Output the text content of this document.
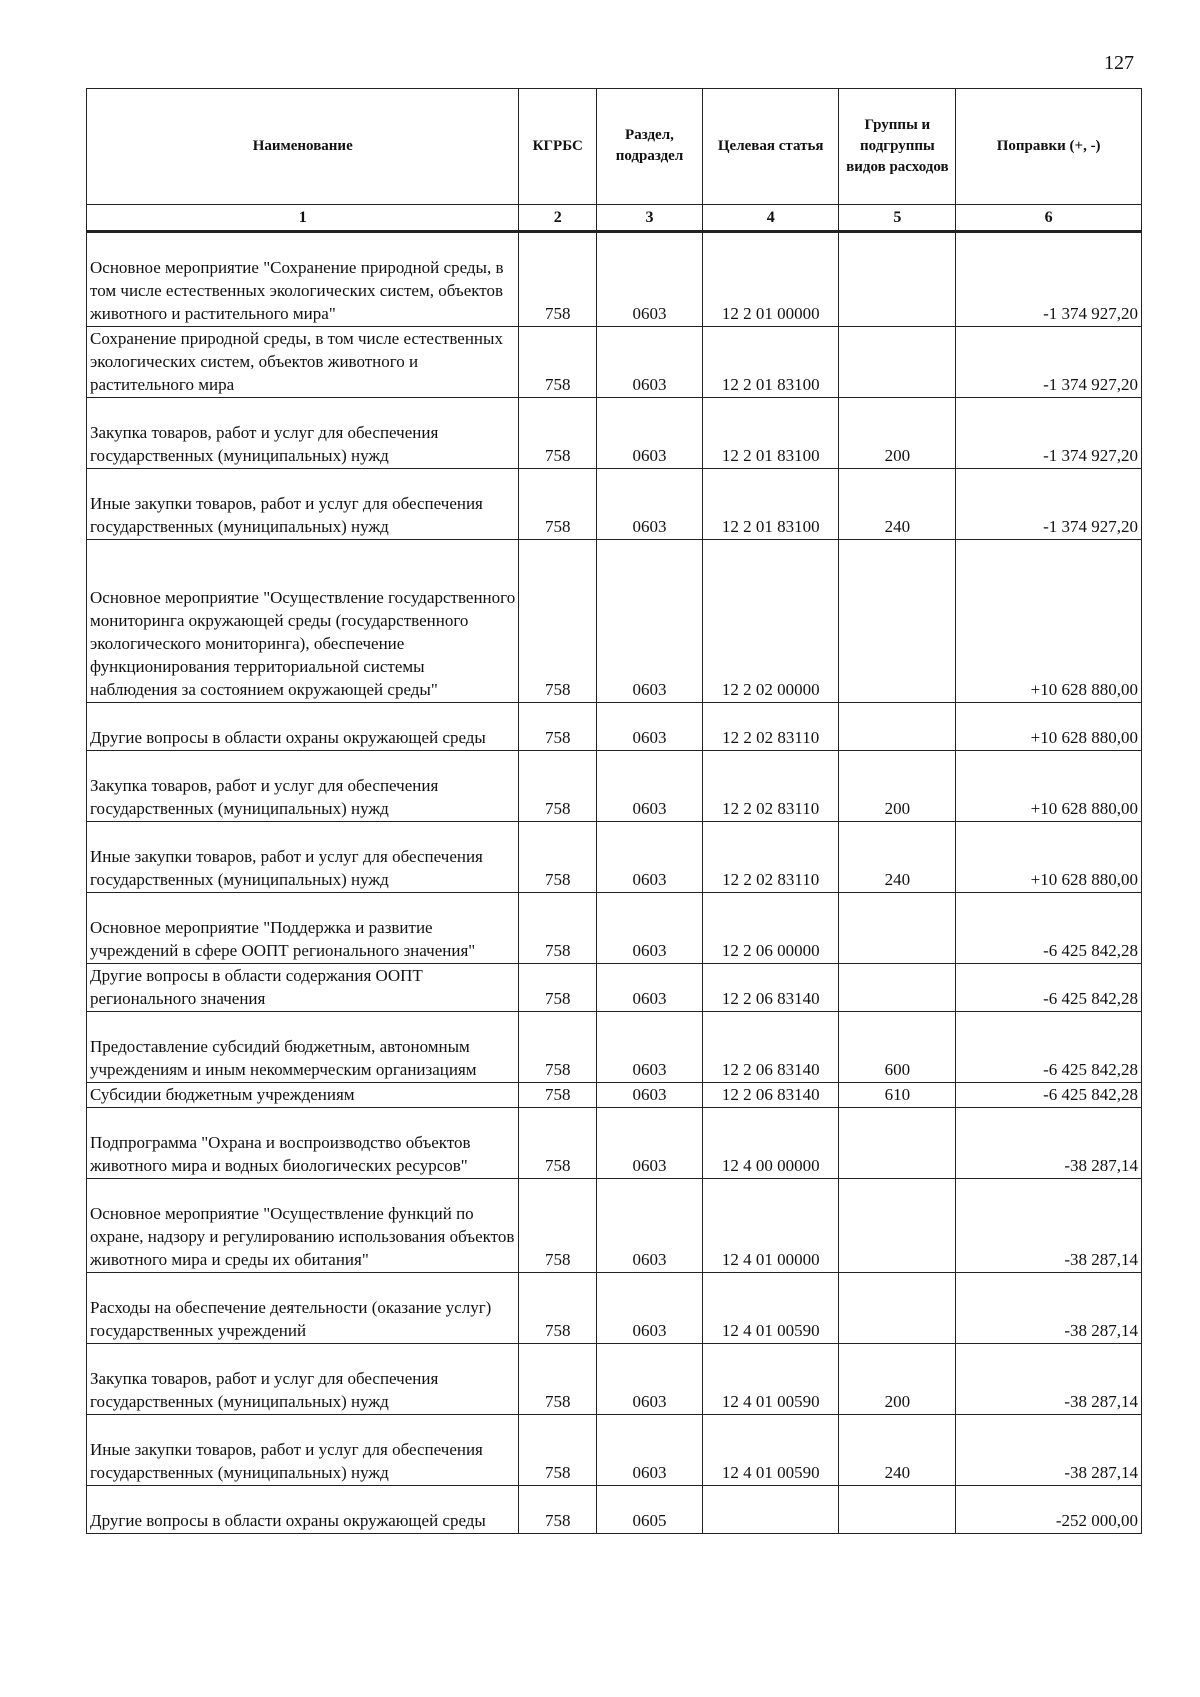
127
Наименование	КГРБС	Раздел, подраздел	Целевая статья	Группы и подгруппы видов расходов	Поправки (+, -)
1	2	3	4	5	6
Основное мероприятие "Сохранение природной среды, в том числе естественных экологических систем, объектов животного и растительного мира"	758	0603	12 2 01 00000		-1 374 927,20
Сохранение природной среды, в том числе естественных экологических систем, объектов животного и растительного мира	758	0603	12 2 01 83100		-1 374 927,20
Закупка товаров, работ и услуг для обеспечения государственных (муниципальных) нужд	758	0603	12 2 01 83100	200	-1 374 927,20
Иные закупки товаров, работ и услуг для обеспечения государственных (муниципальных) нужд	758	0603	12 2 01 83100	240	-1 374 927,20
Основное мероприятие "Осуществление государственного мониторинга окружающей среды (государственного экологического мониторинга), обеспечение функционирования территориальной системы наблюдения за состоянием окружающей среды"	758	0603	12 2 02 00000		+10 628 880,00
Другие вопросы в области охраны окружающей среды	758	0603	12 2 02 83110		+10 628 880,00
Закупка товаров, работ и услуг для обеспечения государственных (муниципальных) нужд	758	0603	12 2 02 83110	200	+10 628 880,00
Иные закупки товаров, работ и услуг для обеспечения государственных (муниципальных) нужд	758	0603	12 2 02 83110	240	+10 628 880,00
Основное мероприятие "Поддержка и развитие учреждений в сфере ООПТ регионального значения"	758	0603	12 2 06 00000		-6 425 842,28
Другие вопросы в области содержания ООПТ регионального значения	758	0603	12 2 06 83140		-6 425 842,28
Предоставление субсидий бюджетным, автономным учреждениям и иным некоммерческим организациям	758	0603	12 2 06 83140	600	-6 425 842,28
Субсидии бюджетным учреждениям	758	0603	12 2 06 83140	610	-6 425 842,28
Подпрограмма "Охрана и воспроизводство объектов животного мира и водных биологических ресурсов"	758	0603	12 4 00 00000		-38 287,14
Основное мероприятие "Осуществление функций по охране, надзору и регулированию использования объектов животного мира и среды их обитания"	758	0603	12 4 01 00000		-38 287,14
Расходы на обеспечение деятельности (оказание услуг) государственных учреждений	758	0603	12 4 01 00590		-38 287,14
Закупка товаров, работ и услуг для обеспечения государственных (муниципальных) нужд	758	0603	12 4 01 00590	200	-38 287,14
Иные закупки товаров, работ и услуг для обеспечения государственных (муниципальных) нужд	758	0603	12 4 01 00590	240	-38 287,14
Другие вопросы в области охраны окружающей среды	758	0605			-252 000,00
